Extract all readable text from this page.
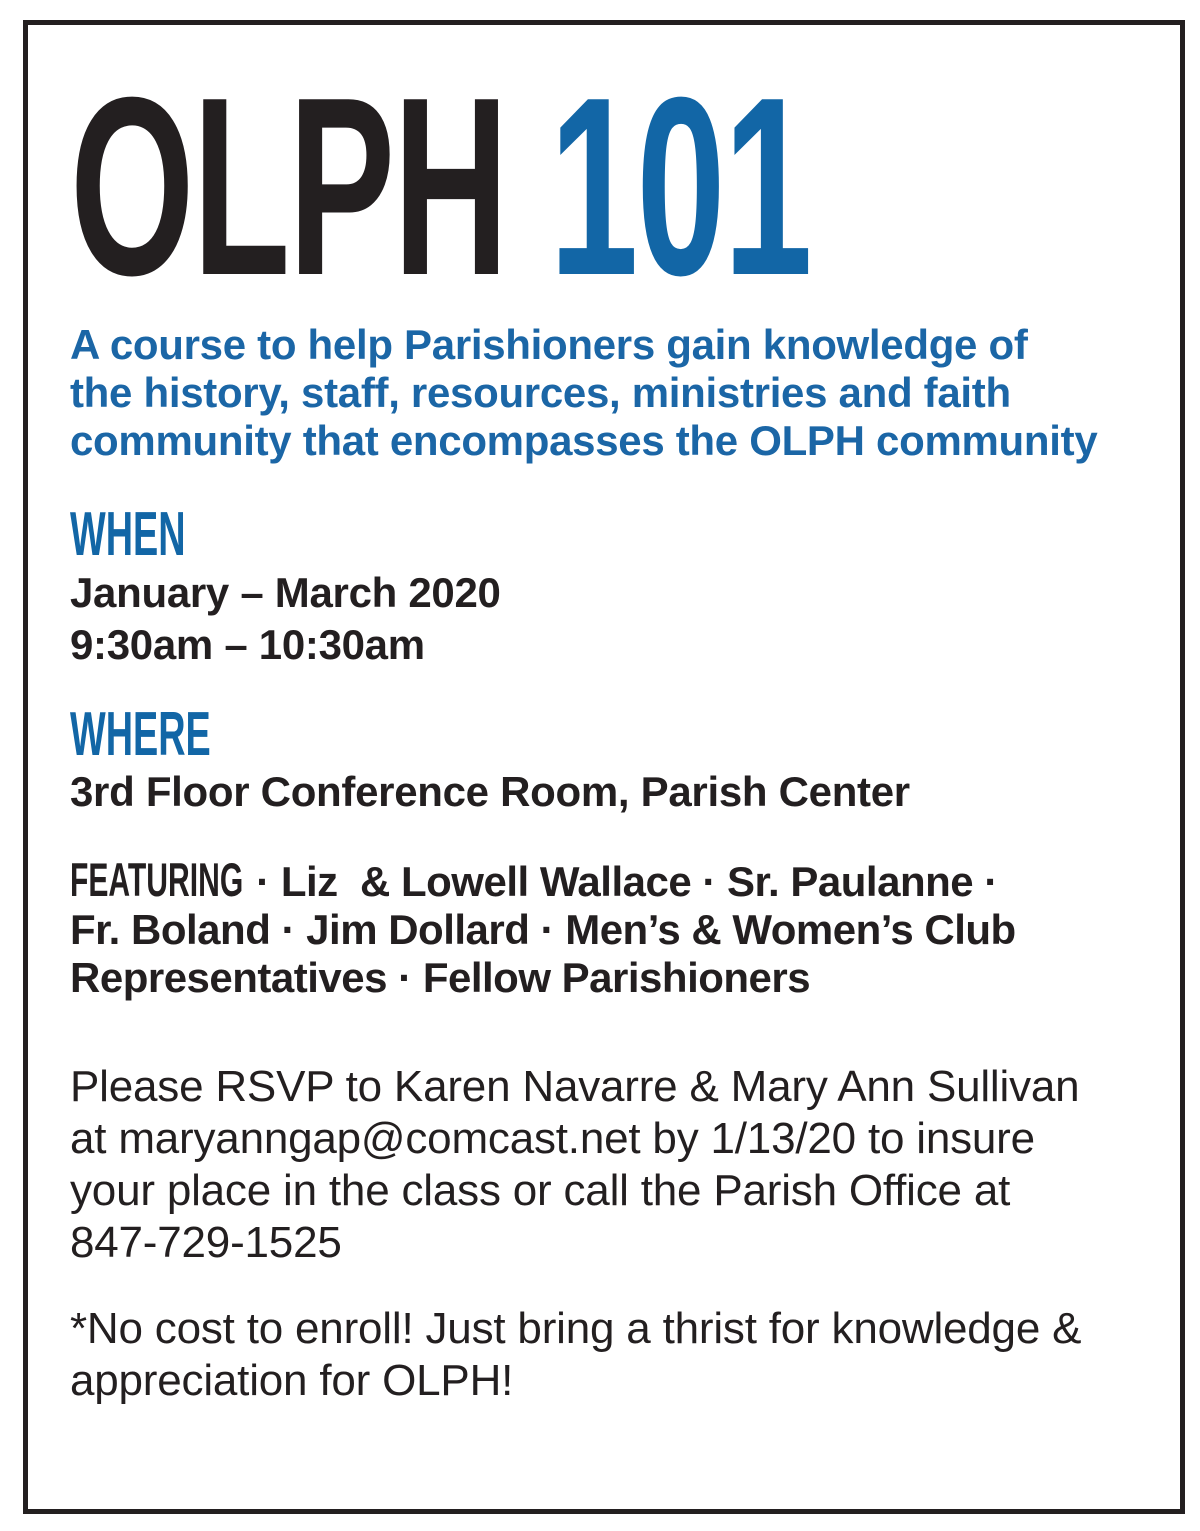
OLPH 101
A course to help Parishioners gain knowledge of
the history, staff, resources, ministries and faith
community that encompasses the OLPH community
WHEN
January – March 2020
9:30am – 10:30am
WHERE
3rd Floor Conference Room, Parish Center
FEATURING · Liz  & Lowell Wallace · Sr. Paulanne ·
Fr. Boland · Jim Dollard · Men’s & Women’s Club
Representatives · Fellow Parishioners
Please RSVP to Karen Navarre & Mary Ann Sullivan
at maryanngap@comcast.net by 1/13/20 to insure
your place in the class or call the Parish Office at
847-729-1525
*No cost to enroll! Just bring a thrist for knowledge &
appreciation for OLPH!
